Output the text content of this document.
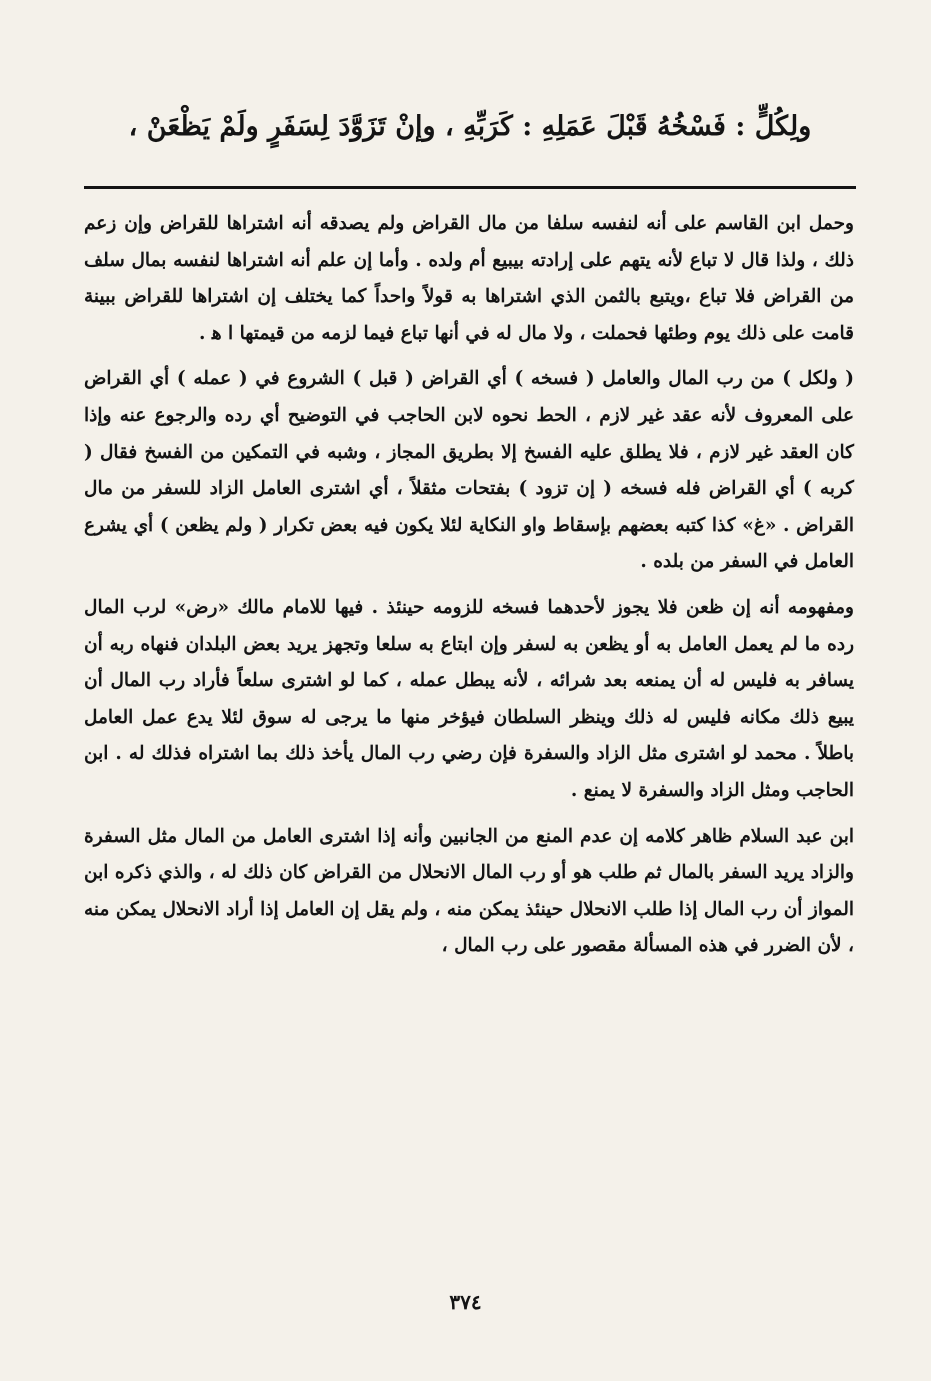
ولِكُلٍّ : فَسْخُهُ قَبْلَ عَمَلِهِ : كَرَبِّهِ ، وإنْ تَزَوَّدَ لِسَفَرٍ ولَمْ يَظْعَنْ ،

وحمل ابن القاسم على أنه لنفسه سلفا من مال القراض ولم يصدقه أنه اشتراها للقراض وإن زعم ذلك ، ولذا قال لا تباع لأنه يتهم على إرادته بيبيع أم ولده . وأما إن علم أنه اشتراها لنفسه بمال سلف من القراض فلا تباع ،ويتبع بالثمن الذي اشتراها به قولاً واحداً كما يختلف إن اشتراها للقراض ببينة قامت على ذلك يوم وطئها فحملت ، ولا مال له في أنها تباع فيما لزمه من قيمتها ا ﻫ .

( ولكل ) من رب المال والعامل ( فسخه ) أي القراض ( قبل ) الشروع في ( عمله ) أي القراض على المعروف لأنه عقد غير لازم ، الحط نحوه لابن الحاجب في التوضيح أي رده والرجوع عنه وإذا كان العقد غير لازم ، فلا يطلق عليه الفسخ إلا بطريق المجاز ، وشبه في التمكين من الفسخ فقال ( كربه ) أي القراض فله فسخه ( إن تزود ) بفتحات مثقلاً ، أي اشترى العامل الزاد للسفر من مال القراض . «غ» كذا كتبه بعضهم بإسقاط واو النكاية لئلا يكون فيه بعض تكرار ( ولم يظعن ) أي يشرع العامل في السفر من بلده .

ومفهومه أنه إن ظعن فلا يجوز لأحدهما فسخه للزومه حينئذ . فيها للامام مالك «رض» لرب المال رده ما لم يعمل العامل به أو يظعن به لسفر وإن ابتاع به سلعا وتجهز يريد بعض البلدان فنهاه ربه أن يسافر به فليس له أن يمنعه بعد شرائه ، لأنه يبطل عمله ، كما لو اشترى سلعاً فأراد رب المال أن يبيع ذلك مكانه فليس له ذلك وينظر السلطان فيؤخر منها ما يرجى له سوق لئلا يدع عمل العامل باطلاً . محمد لو اشترى مثل الزاد والسفرة فإن رضي رب المال يأخذ ذلك بما اشتراه فذلك له . ابن الحاجب ومثل الزاد والسفرة لا يمنع .

ابن عبد السلام ظاهر كلامه إن عدم المنع من الجانبين وأنه إذا اشترى العامل من المال مثل السفرة والزاد يريد السفر بالمال ثم طلب هو أو رب المال الانحلال من القراض كان ذلك له ، والذي ذكره ابن المواز أن رب المال إذا طلب الانحلال حينئذ يمكن منه ، ولم يقل إن العامل إذا أراد الانحلال يمكن منه ، لأن الضرر في هذه المسألة مقصور على رب المال ،

٣٧٤
